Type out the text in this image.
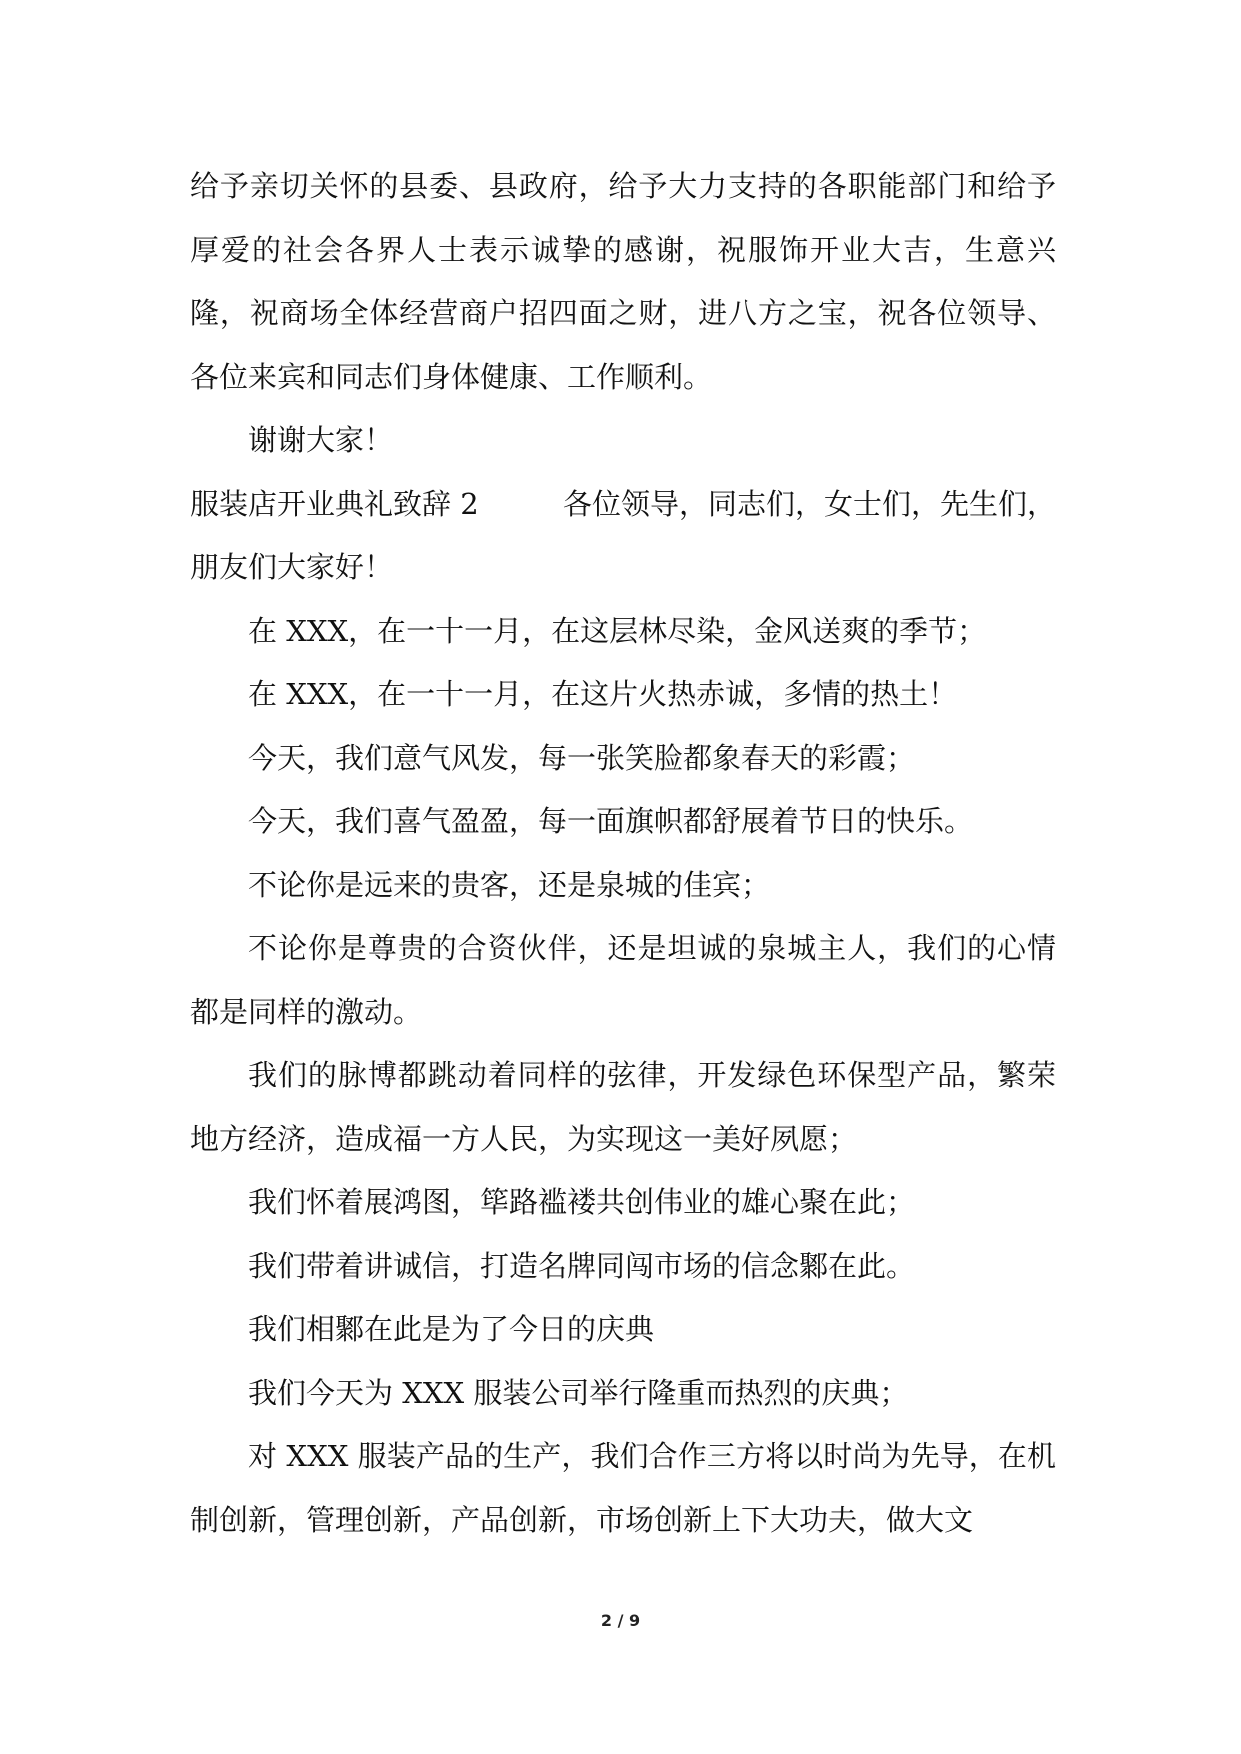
给予亲切关怀的县委、县政府，给予大力支持的各职能部门和给予厚爱的社会各界人士表示诚挚的感谢，祝服饰开业大吉，生意兴隆，祝商场全体经营商户招四面之财，进八方之宝，祝各位领导、各位来宾和同志们身体健康、工作顺利。

谢谢大家！

服装店开业典礼致辞 2	各位领导，同志们，女士们，先生们，

朋友们大家好！

在 XXX，在一十一月，在这层林尽染，金风送爽的季节；

在 XXX，在一十一月，在这片火热赤诚，多情的热土！

今天，我们意气风发，每一张笑脸都象春天的彩霞；

今天，我们喜气盈盈，每一面旗帜都舒展着节日的快乐。

不论你是远来的贵客，还是泉城的佳宾；

不论你是尊贵的合资伙伴，还是坦诚的泉城主人，我们的心情都是同样的激动。

我们的脉博都跳动着同样的弦律，开发绿色环保型产品，繁荣地方经济，造成福一方人民，为实现这一美好夙愿；

我们怀着展鸿图，筚路褴褛共创伟业的雄心聚在此；

我们带着讲诚信，打造名牌同闯市场的信念鄹在此。

我们相鄹在此是为了今日的庆典

我们今天为 XXX 服装公司举行隆重而热烈的庆典；

对 XXX 服装产品的生产，我们合作三方将以时尚为先导，在机制创新，管理创新，产品创新，市场创新上下大功夫，做大文

2 / 9
